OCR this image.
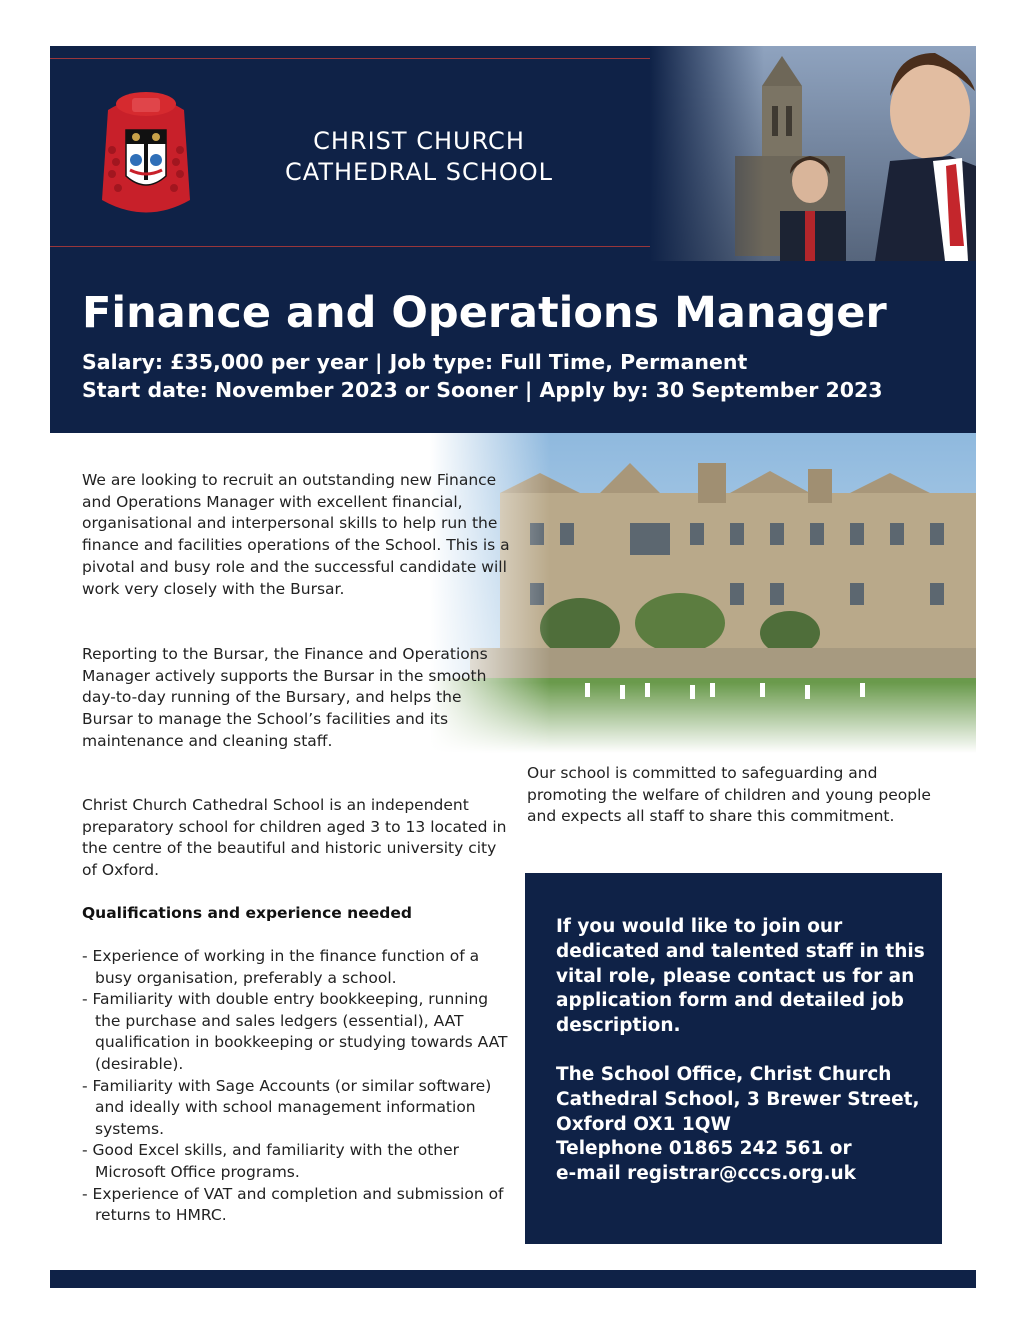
CHRIST CHURCH
CATHEDRAL SCHOOL
Finance and Operations Manager
Salary: £35,000 per year | Job type: Full Time, Permanent
Start date: November 2023 or Sooner | Apply by: 30 September 2023

We are looking to recruit an outstanding new Finance and Operations Manager with excellent financial, organisational and interpersonal skills to help run the finance and facilities operations of the School. This is a pivotal and busy role and the successful candidate will work very closely with the Bursar.

Reporting to the Bursar, the Finance and Operations Manager actively supports the Bursar in the smooth day-to-day running of the Bursary, and helps the Bursar to manage the School’s facilities and its maintenance and cleaning staff.

Christ Church Cathedral School is an independent preparatory school for children aged 3 to 13 located in the centre of the beautiful and historic university city of Oxford.

Qualifications and experience needed
- Experience of working in the finance function of a busy organisation, preferably a school.
- Familiarity with double entry bookkeeping, running the purchase and sales ledgers (essential), AAT qualification in bookkeeping or studying towards AAT (desirable).
- Familiarity with Sage Accounts (or similar software) and ideally with school management information systems.
- Good Excel skills, and familiarity with the other Microsoft Office programs.
- Experience of VAT and completion and submission of returns to HMRC.
Our school is committed to safeguarding and promoting the welfare of children and young people and expects all staff to share this commitment.
If you would like to join our dedicated and talented staff in this vital role, please contact us for an application form and detailed job description.
The School Office, Christ Church Cathedral School, 3 Brewer Street, Oxford OX1 1QW
Telephone 01865 242 561 or
e-mail registrar@cccs.org.uk
